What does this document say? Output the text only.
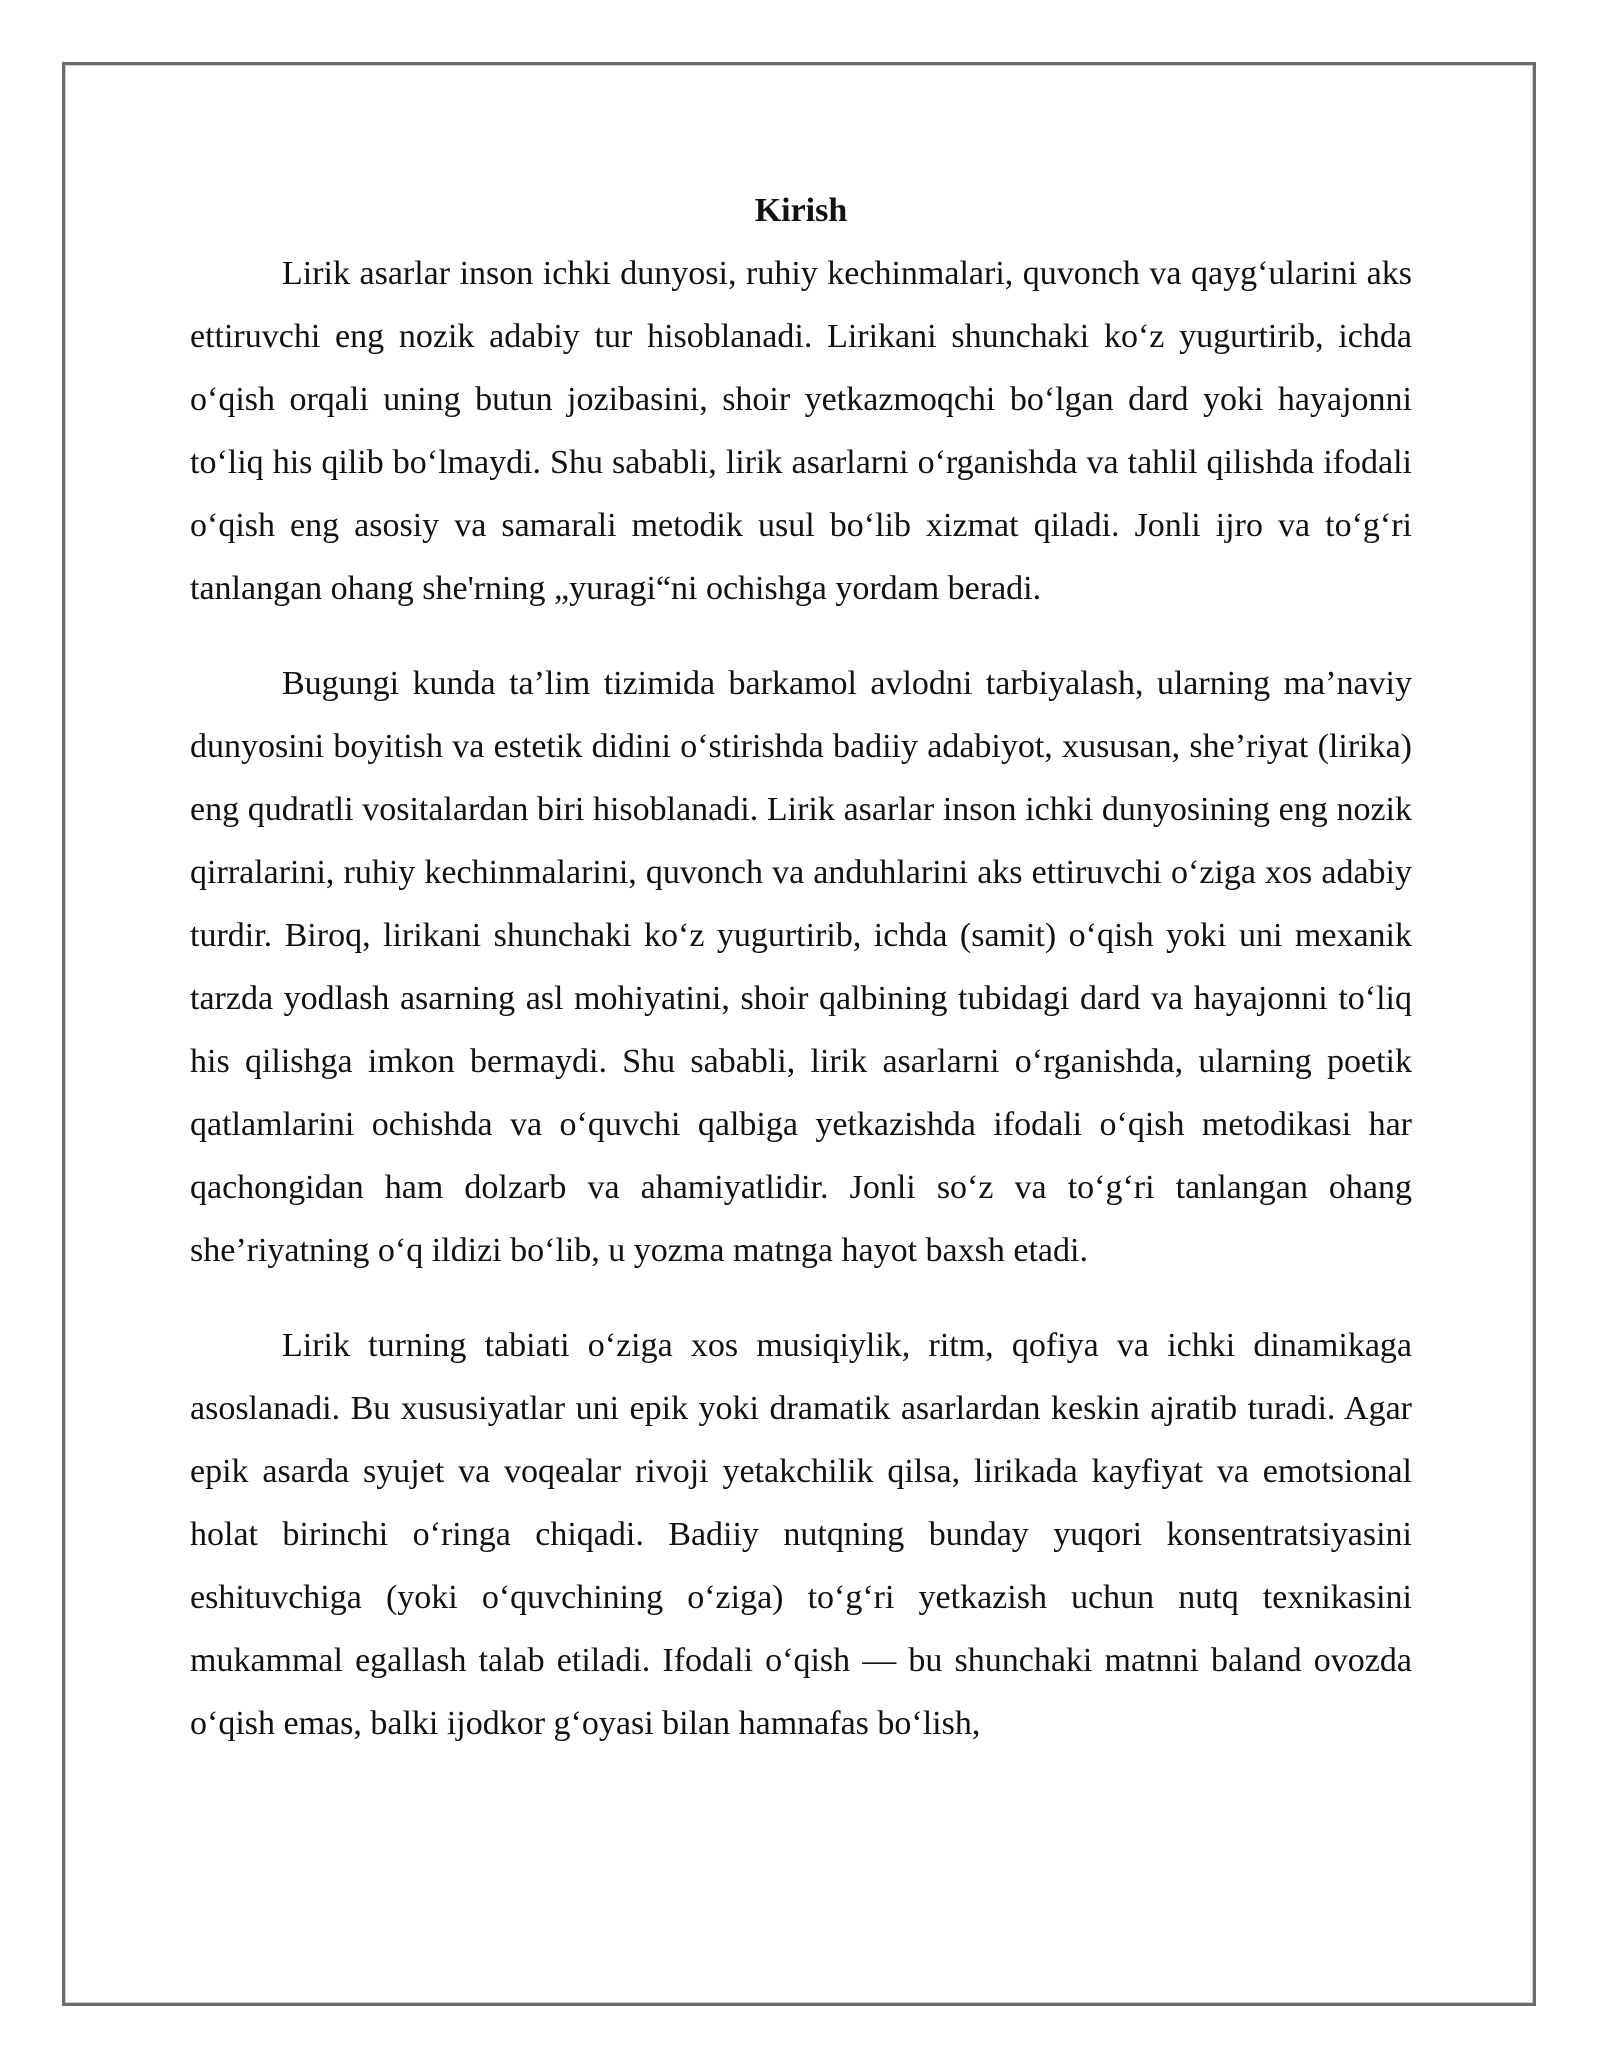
Kirish

Lirik asarlar inson ichki dunyosi, ruhiy kechinmalari, quvonch va qayg‘ularini aks ettiruvchi eng nozik adabiy tur hisoblanadi. Lirikani shunchaki ko‘z yugurtirib, ichda o‘qish orqali uning butun jozibasini, shoir yetkazmoqchi bo‘lgan dard yoki hayajonni to‘liq his qilib bo‘lmaydi. Shu sababli, lirik asarlarni o‘rganishda va tahlil qilishda ifodali o‘qish eng asosiy va samarali metodik usul bo‘lib xizmat qiladi. Jonli ijro va to‘g‘ri tanlangan ohang she'rning „yuragi“ni ochishga yordam beradi.

Bugungi kunda ta’lim tizimida barkamol avlodni tarbiyalash, ularning ma’naviy dunyosini boyitish va estetik didini o‘stirishda badiiy adabiyot, xususan, she’riyat (lirika) eng qudratli vositalardan biri hisoblanadi. Lirik asarlar inson ichki dunyosining eng nozik qirralarini, ruhiy kechinmalarini, quvonch va anduhlarini aks ettiruvchi o‘ziga xos adabiy turdir. Biroq, lirikani shunchaki ko‘z yugurtirib, ichda (samit) o‘qish yoki uni mexanik tarzda yodlash asarning asl mohiyatini, shoir qalbining tubidagi dard va hayajonni to‘liq his qilishga imkon bermaydi. Shu sababli, lirik asarlarni o‘rganishda, ularning poetik qatlamlarini ochishda va o‘quvchi qalbiga yetkazishda ifodali o‘qish metodikasi har qachongidan ham dolzarb va ahamiyatlidir. Jonli so‘z va to‘g‘ri tanlangan ohang she’riyatning o‘q ildizi bo‘lib, u yozma matnga hayot baxsh etadi.

Lirik turning tabiati o‘ziga xos musiqiylik, ritm, qofiya va ichki dinamikaga asoslanadi. Bu xususiyatlar uni epik yoki dramatik asarlardan keskin ajratib turadi. Agar epik asarda syujet va voqealar rivoji yetakchilik qilsa, lirikada kayfiyat va emotsional holat birinchi o‘ringa chiqadi. Badiiy nutqning bunday yuqori konsentratsiyasini eshituvchiga (yoki o‘quvchining o‘ziga) to‘g‘ri yetkazish uchun nutq texnikasini mukammal egallash talab etiladi. Ifodali o‘qish — bu shunchaki matnni baland ovozda o‘qish emas, balki ijodkor g‘oyasi bilan hamnafas bo‘lish,
